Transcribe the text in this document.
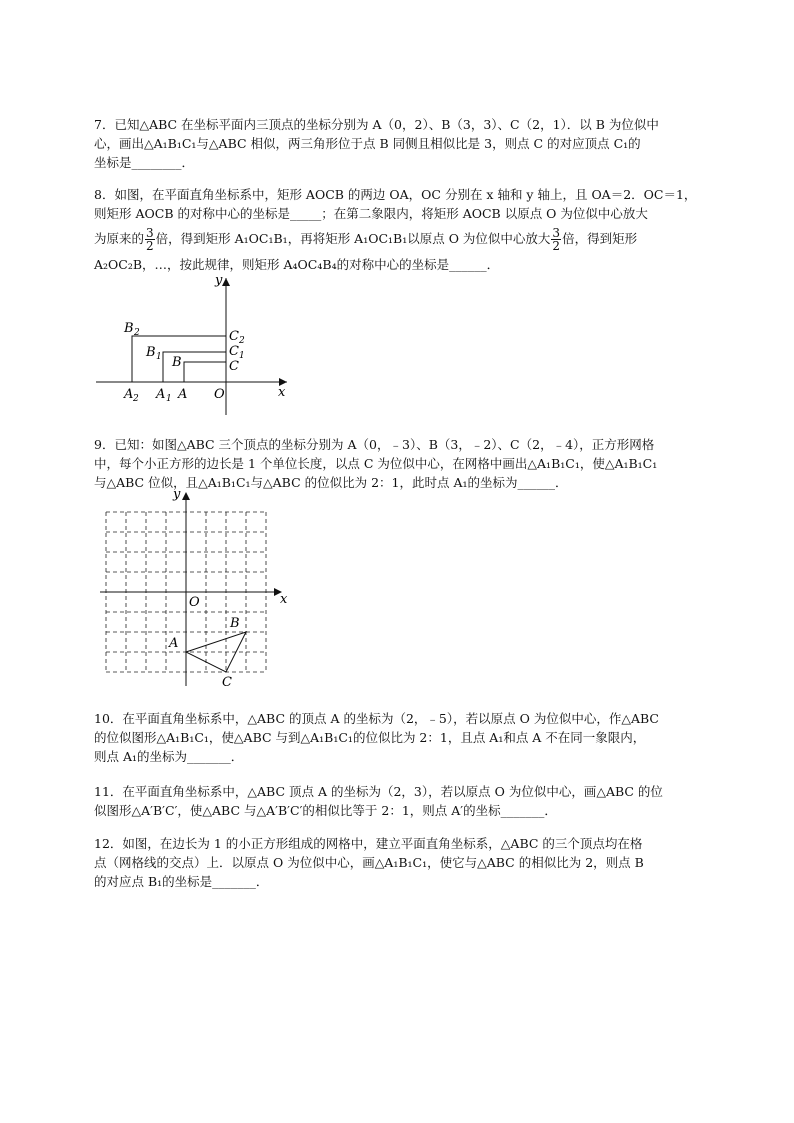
7．已知△ABC 在坐标平面内三顶点的坐标分别为 A（0，2）、B（3，3）、C（2，1）．以 B 为位似中
心，画出△A₁B₁C₁与△ABC 相似，两三角形位于点 B 同侧且相似比是 3，则点 C 的对应顶点 C₁的
坐标是________．
8．如图，在平面直角坐标系中，矩形 AOCB 的两边 OA，OC 分别在 x 轴和 y 轴上，且 OA＝2．OC＝1，
则矩形 AOCB 的对称中心的坐标是_____；在第二象限内，将矩形 AOCB 以原点 O 为位似中心放大
为原来的 $\frac{3}{2}$ 倍，得到矩形 A₁OC₁B₁，再将矩形 A₁OC₁B₁以原点 O 为位似中心放大 $\frac{3}{2}$ 倍，得到矩形
A₂OC₂B，…，按此规律，则矩形 A₄OC₄B₄的对称中心的坐标是______．
y
x
O
A 2 A 1 A
B 2
B 1 B
C 2
C 1
C
9．已知：如图△ABC 三个顶点的坐标分别为 A（0，﹣3）、B（3，﹣2）、C（2，﹣4），正方形网格
中，每个小正方形的边长是 1 个单位长度，以点 C 为位似中心，在网格中画出△A₁B₁C₁，使△A₁B₁C₁
与△ABC 位似，且△A₁B₁C₁与△ABC 的位似比为 2：1，此时点 A₁的坐标为______．
y
x
O
A
B
C
10．在平面直角坐标系中，△ABC 的顶点 A 的坐标为（2，﹣5），若以原点 O 为位似中心，作△ABC
的位似图形△A₁B₁C₁，使△ABC 与到△A₁B₁C₁的位似比为 2：1，且点 A₁和点 A 不在同一象限内，
则点 A₁的坐标为_______．
11．在平面直角坐标系中，△ABC 顶点 A 的坐标为（2，3），若以原点 O 为位似中心，画△ABC 的位
似图形△A′B′C′，使△ABC 与△A′B′C′的相似比等于 2：1，则点 A′的坐标_______．
12．如图，在边长为 1 的小正方形组成的网格中，建立平面直角坐标系，△ABC 的三个顶点均在格
点（网格线的交点）上．以原点 O 为位似中心，画△A₁B₁C₁，使它与△ABC 的相似比为 2，则点 B
的对应点 B₁的坐标是_______．
